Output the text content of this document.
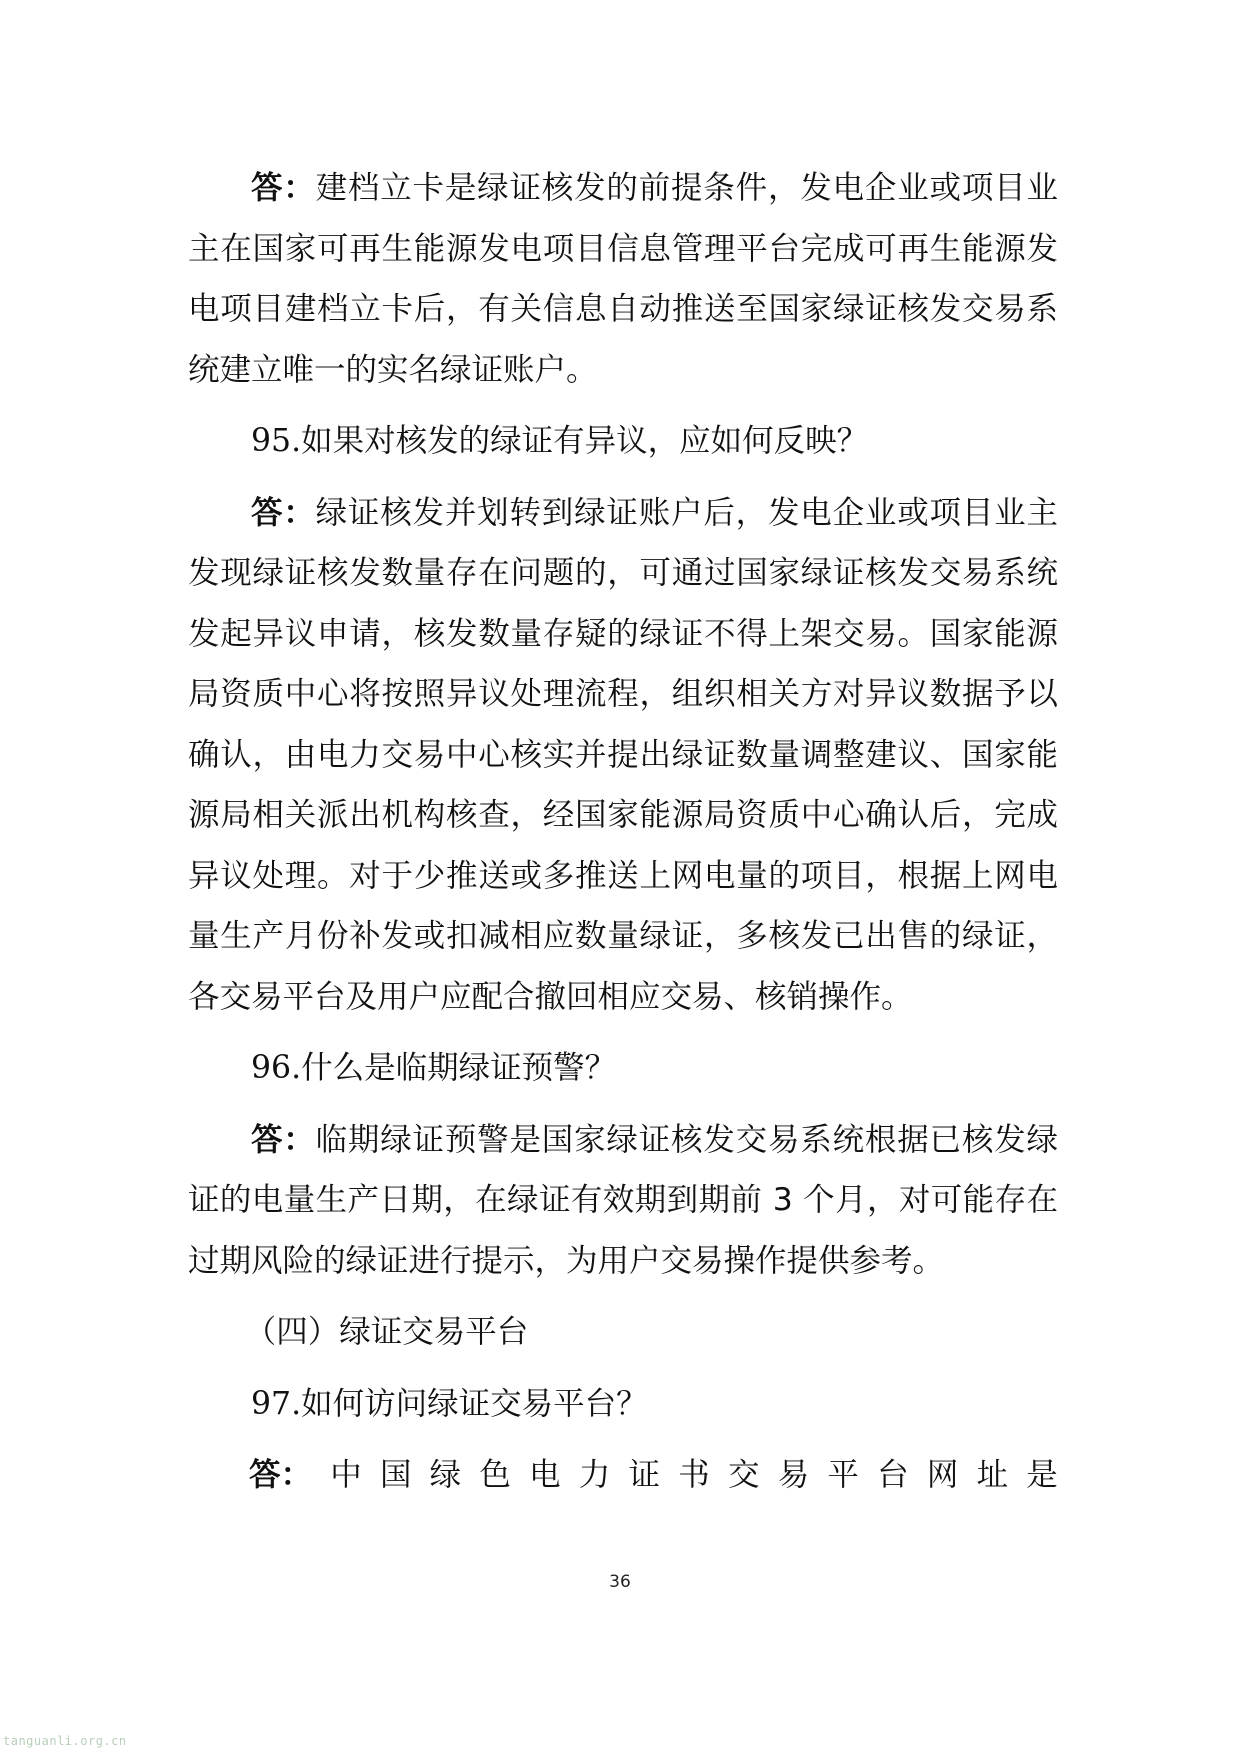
答：建档立卡是绿证核发的前提条件，发电企业或项目业主在国家可再生能源发电项目信息管理平台完成可再生能源发电项目建档立卡后，有关信息自动推送至国家绿证核发交易系统建立唯一的实名绿证账户。

95.如果对核发的绿证有异议，应如何反映？

答：绿证核发并划转到绿证账户后，发电企业或项目业主发现绿证核发数量存在问题的，可通过国家绿证核发交易系统发起异议申请，核发数量存疑的绿证不得上架交易。国家能源局资质中心将按照异议处理流程，组织相关方对异议数据予以确认，由电力交易中心核实并提出绿证数量调整建议、国家能源局相关派出机构核查，经国家能源局资质中心确认后，完成异议处理。对于少推送或多推送上网电量的项目，根据上网电量生产月份补发或扣减相应数量绿证，多核发已出售的绿证，各交易平台及用户应配合撤回相应交易、核销操作。

96.什么是临期绿证预警？

答：临期绿证预警是国家绿证核发交易系统根据已核发绿证的电量生产日期，在绿证有效期到期前 3 个月，对可能存在过期风险的绿证进行提示，为用户交易操作提供参考。

（四）绿证交易平台

97.如何访问绿证交易平台？

答： 中 国 绿 色 电 力 证 书 交 易 平 台 网 址 是
36
tanguanli.org.cn
